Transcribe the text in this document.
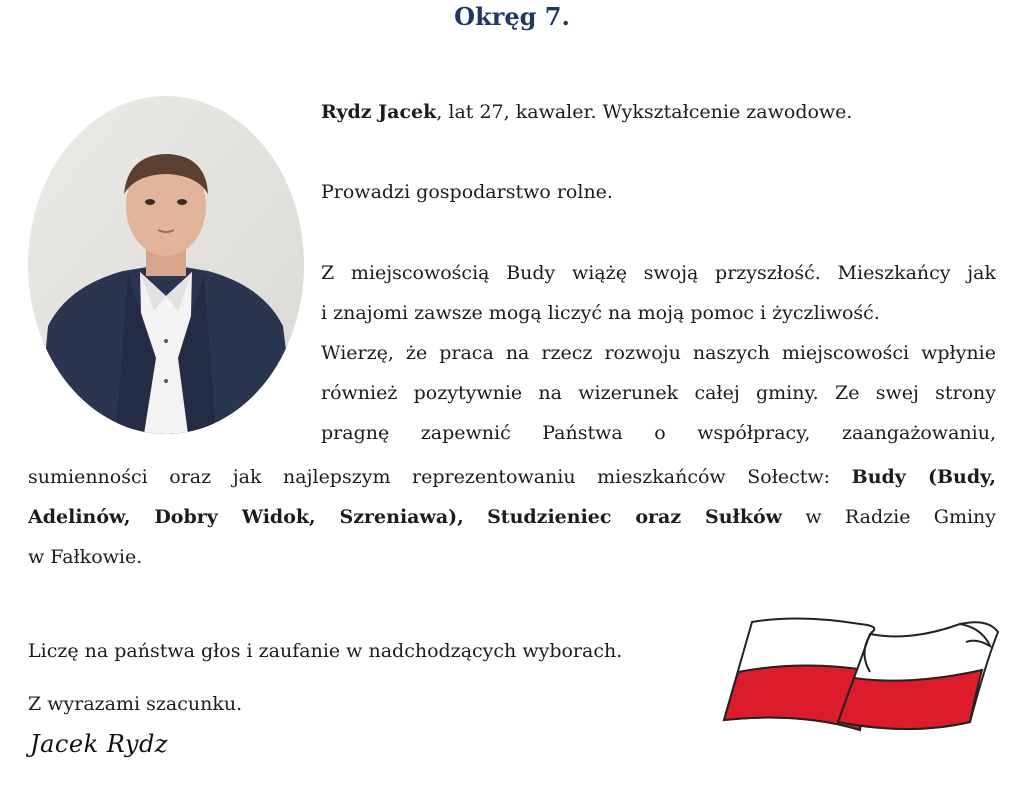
Okręg 7.
Rydz Jacek, lat 27, kawaler. Wykształcenie zawodowe.
Prowadzi gospodarstwo rolne.
Z miejscowością Budy wiążę swoją przyszłość. Mieszkańcy jak
i znajomi zawsze mogą liczyć na moją pomoc i życzliwość.
Wierzę, że praca na rzecz rozwoju naszych miejscowości wpłynie
również pozytywnie na wizerunek całej gminy. Ze swej strony
pragnę zapewnić Państwa o współpracy, zaangażowaniu,
sumienności oraz jak najlepszym reprezentowaniu mieszkańców Sołectw: Budy (Budy,
Adelinów, Dobry Widok, Szreniawa), Studzieniec oraz Sułków w Radzie Gminy
w Fałkowie.
Liczę na państwa głos i zaufanie w nadchodzących wyborach.
Z wyrazami szacunku.
Jacek Rydz
